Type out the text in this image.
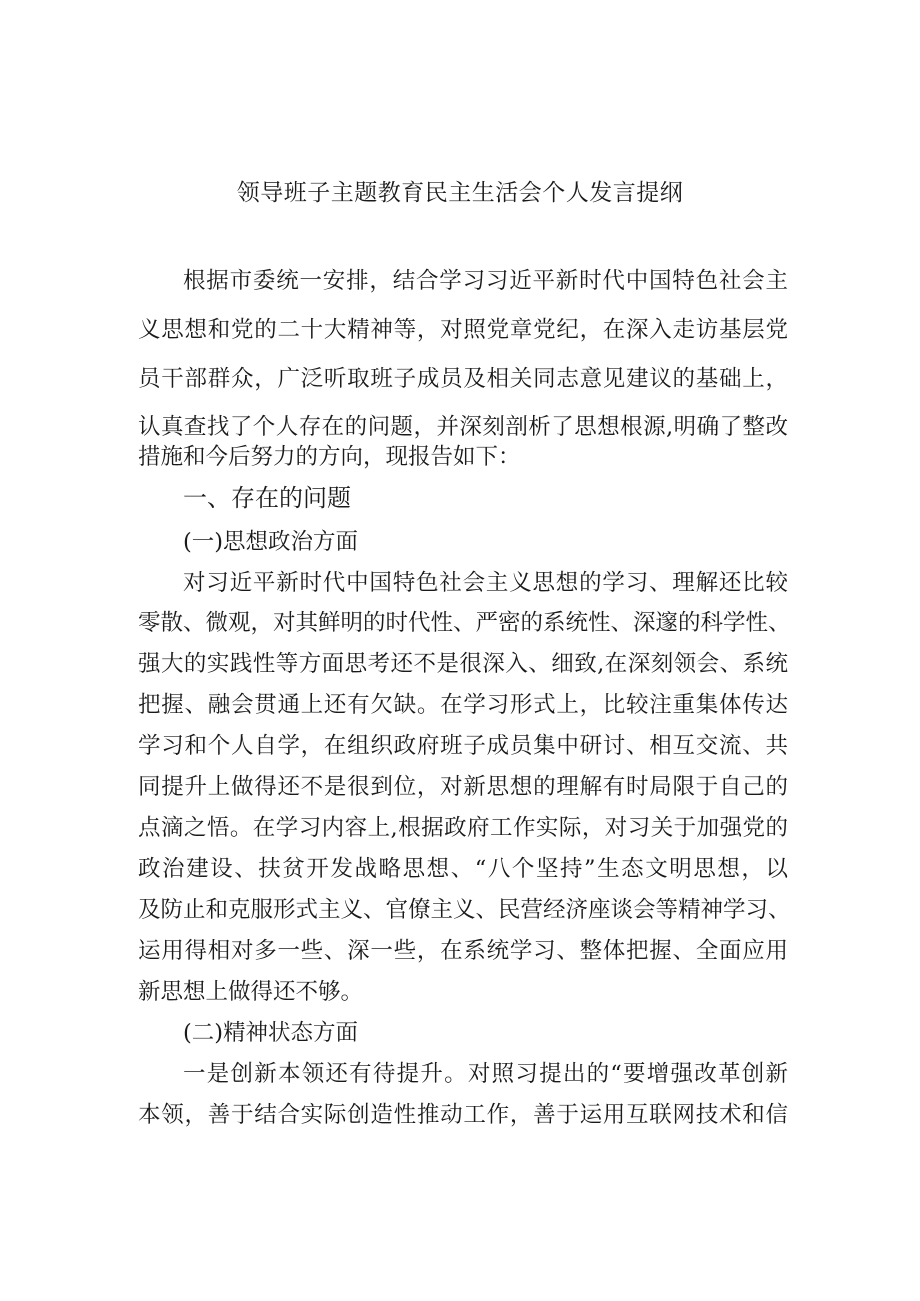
领导班子主题教育民主生活会个人发言提纲
根据市委统一安排，结合学习习近平新时代中国特色社会主
义思想和党的二十大精神等，对照党章党纪，在深入走访基层党
员干部群众，广泛听取班子成员及相关同志意见建议的基础上，
认真查找了个人存在的问题，并深刻剖析了思想根源,明确了整改
措施和今后努力的方向，现报告如下：
一、存在的问题
(一)思想政治方面
对习近平新时代中国特色社会主义思想的学习、理解还比较
零散、微观，对其鲜明的时代性、严密的系统性、深邃的科学性、
强大的实践性等方面思考还不是很深入、细致,在深刻领会、系统
把握、融会贯通上还有欠缺。在学习形式上，比较注重集体传达
学习和个人自学，在组织政府班子成员集中研讨、相互交流、共
同提升上做得还不是很到位，对新思想的理解有时局限于自己的
点滴之悟。在学习内容上,根据政府工作实际，对习关于加强党的
政治建设、扶贫开发战略思想、“八个坚持”生态文明思想，以
及防止和克服形式主义、官僚主义、民营经济座谈会等精神学习、
运用得相对多一些、深一些，在系统学习、整体把握、全面应用
新思想上做得还不够。
(二)精神状态方面
一是创新本领还有待提升。对照习提出的“要增强改革创新
本领，善于结合实际创造性推动工作，善于运用互联网技术和信
